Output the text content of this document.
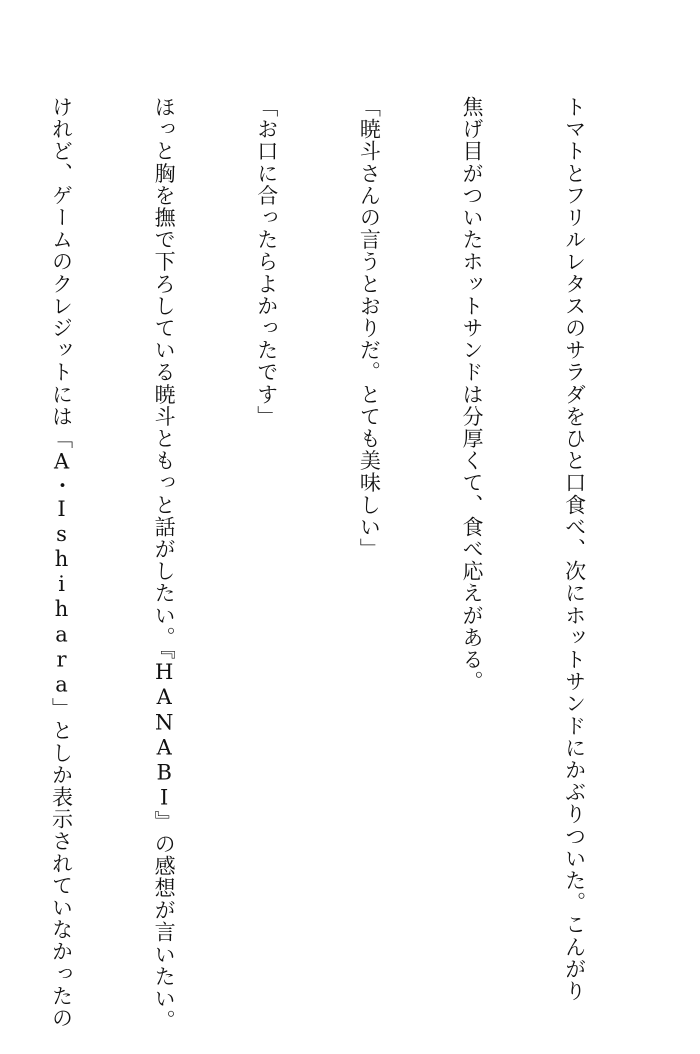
トマトとフリルレタスのサラダをひと口食べ、次にホットサンドにかぶりついた。こんがり

焦げ目がついたホットサンドは分厚くて、食べ応えがある。

「暁斗さんの言うとおりだ。とても美味しい」

「お口に合ったらよかったです」

ほっと胸を撫で下ろしている暁斗ともっと話がしたい。『HANABI』の感想が言いたい。

けれど、ゲームのクレジットには「A・Ishihara」としか表示されていなかったの
